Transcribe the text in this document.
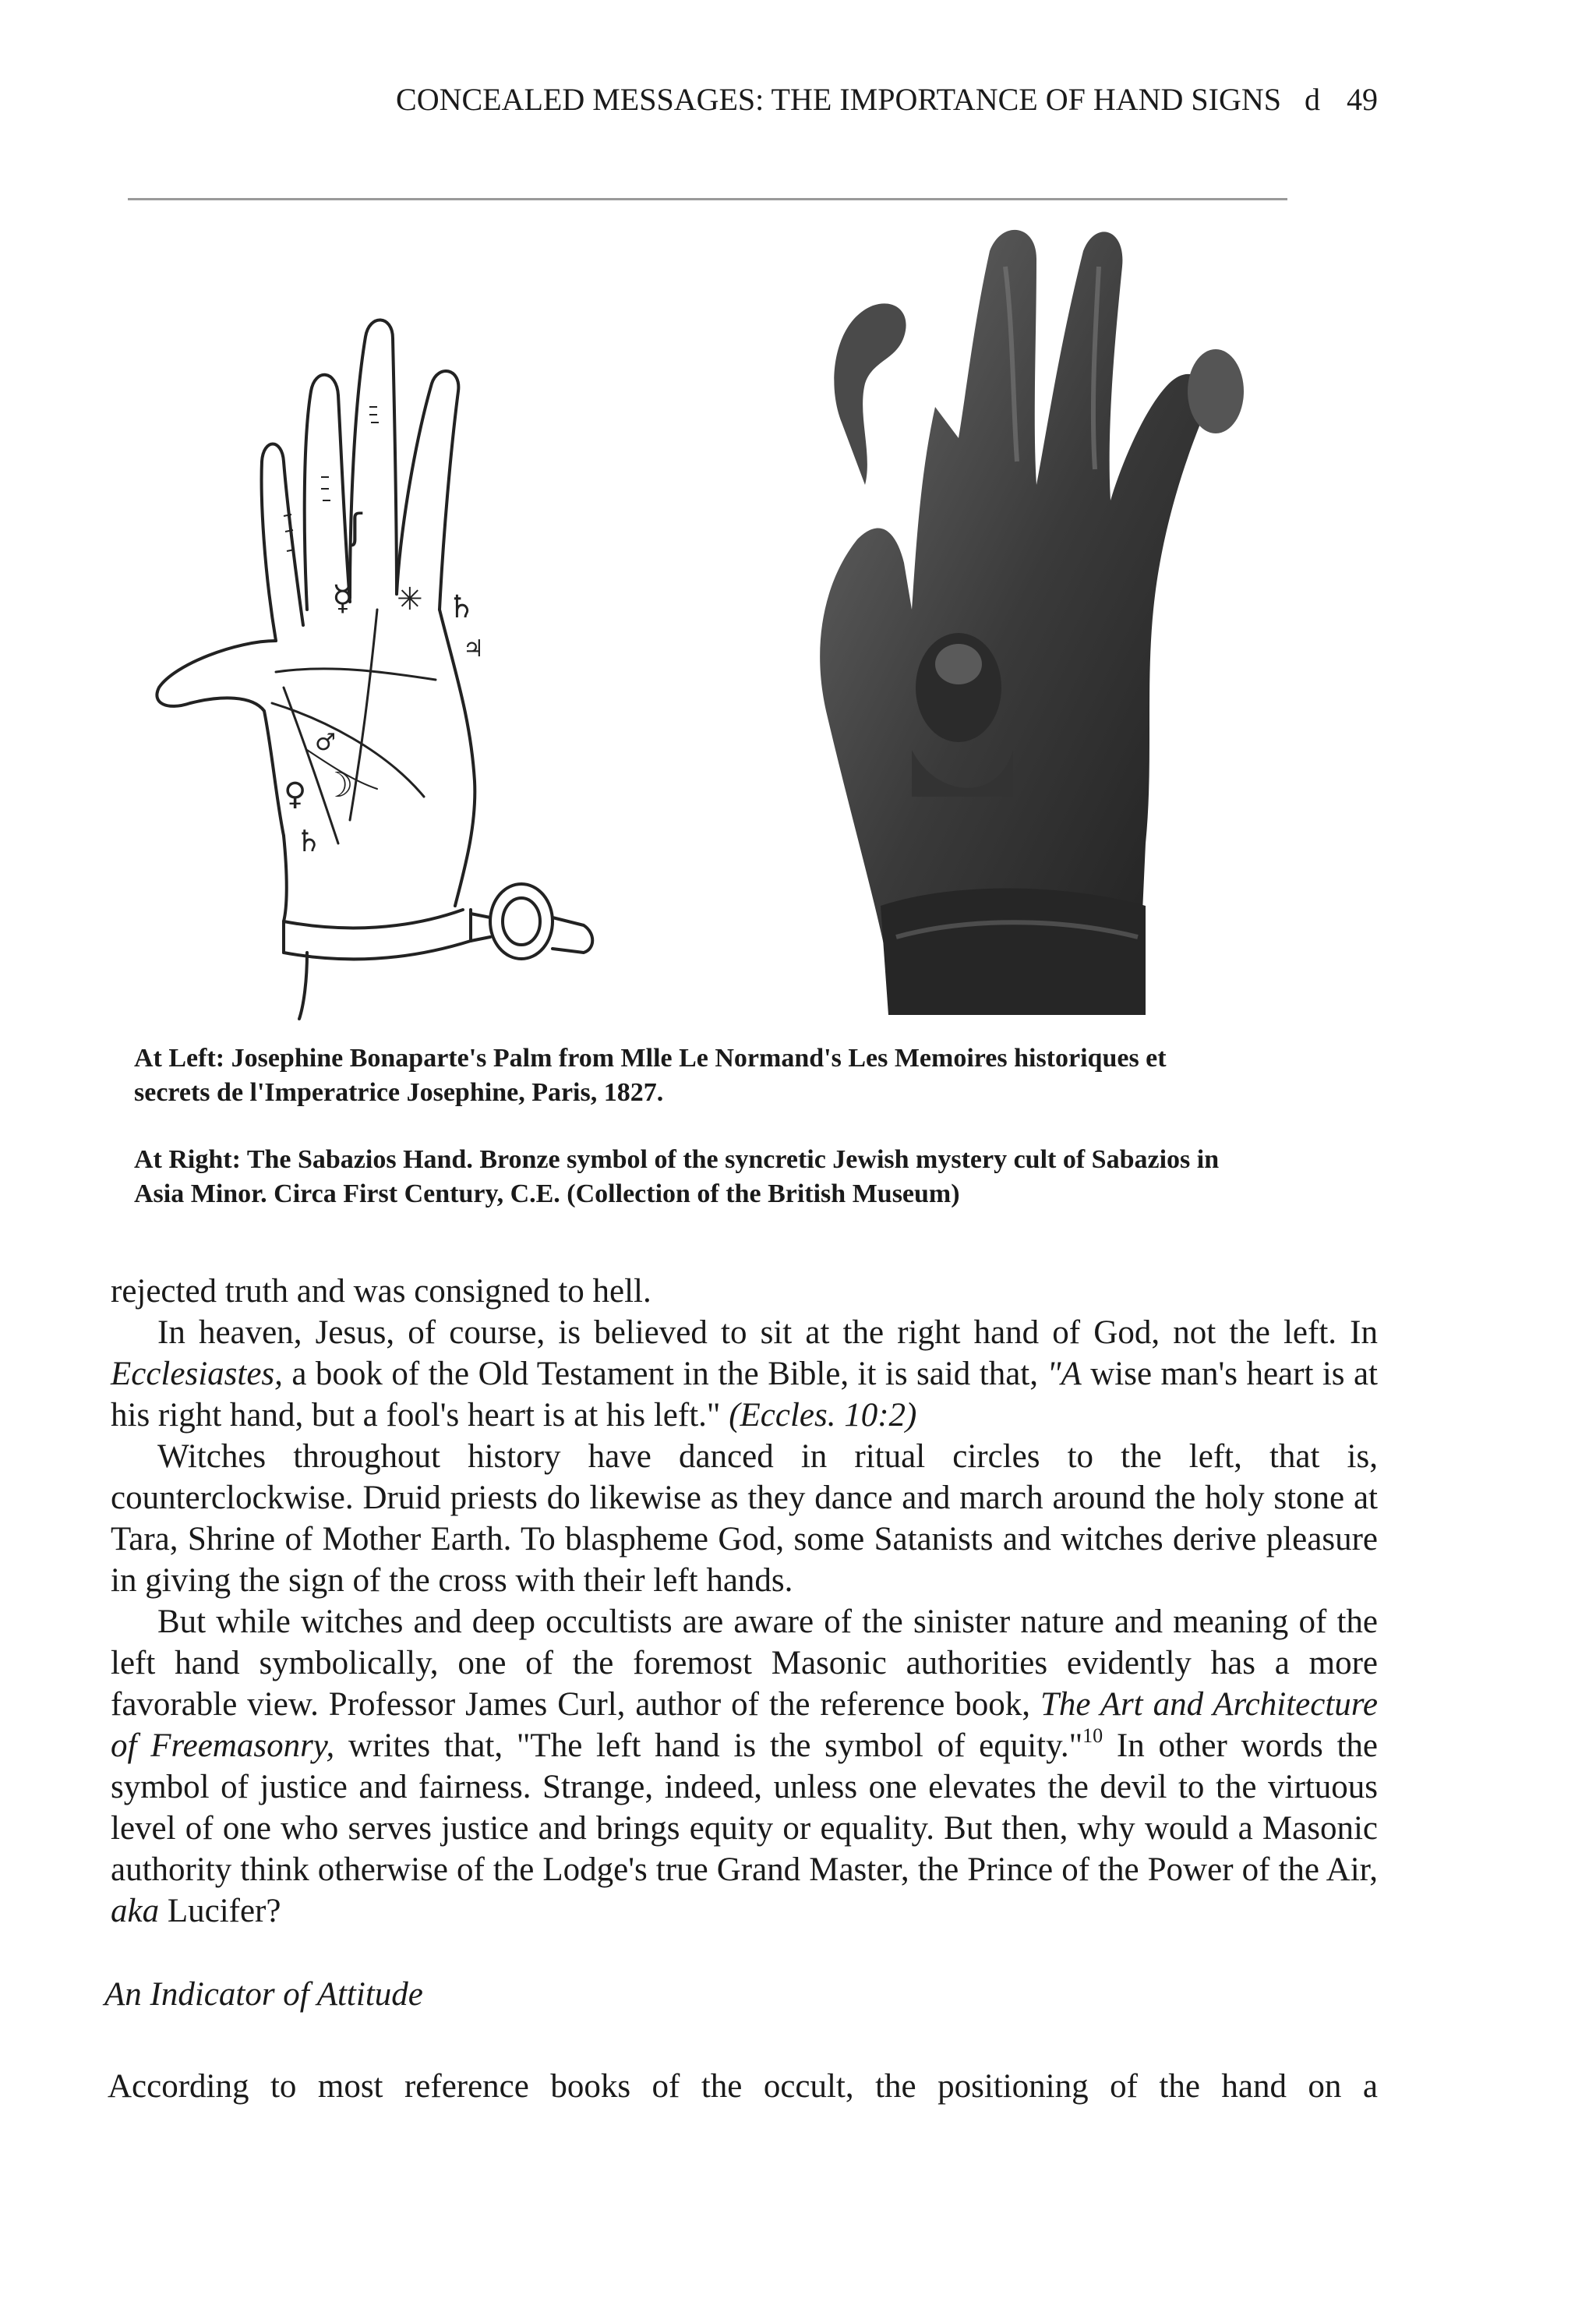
CONCEALED MESSAGES: THE IMPORTANCE OF HAND SIGNS d 49
☿
ʃ
✳ ♄
☽
♀
♄
♂
♃

At Left: Josephine Bonaparte's Palm from Mlle Le Normand's Les Memoires historiques et

secrets de l'Imperatrice Josephine, Paris, 1827.

At Right: The Sabazios Hand. Bronze symbol of the syncretic Jewish mystery cult of Sabazios in

Asia Minor. Circa First Century, C.E. (Collection of the British Museum)

rejected truth and was consigned to hell.

In heaven, Jesus, of course, is believed to sit at the right hand of God, not the left. In Ecclesiastes, a book of the Old Testament in the Bible, it is said that, "A wise man's heart is at his right hand, but a fool's heart is at his left." (Eccles. 10:2)

Witches throughout history have danced in ritual circles to the left, that is, counterclockwise. Druid priests do likewise as they dance and march around the holy stone at Tara, Shrine of Mother Earth. To blaspheme God, some Satanists and witches derive pleasure in giving the sign of the cross with their left hands.

But while witches and deep occultists are aware of the sinister nature and meaning of the left hand symbolically, one of the foremost Masonic authorities evidently has a more favorable view. Professor James Curl, author of the reference book, The Art and Architecture of Freemasonry, writes that, "The left hand is the symbol of equity."$^{10}$ In other words the symbol of justice and fairness. Strange, indeed, unless one elevates the devil to the virtuous level of one who serves justice and brings equity or equality. But then, why would a Masonic authority think otherwise of the Lodge's true Grand Master, the Prince of the Power of the Air, aka Lucifer?

An Indicator of Attitude
According to most reference books of the occult, the positioning of the hand on a
